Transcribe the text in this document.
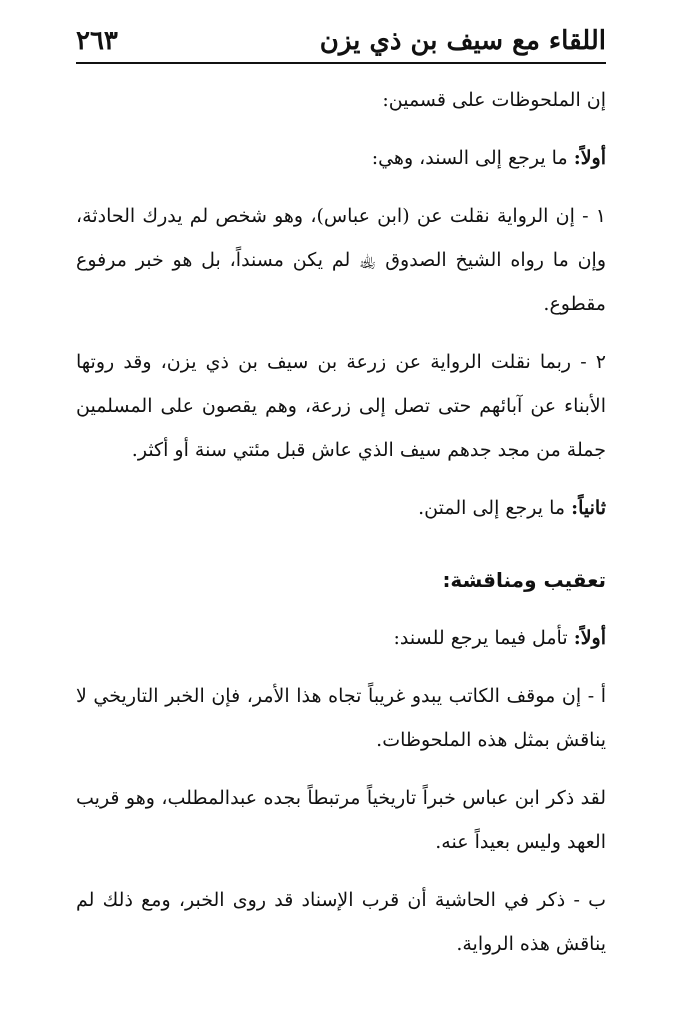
اللقاء مع سيف بن ذي يزن
٢٦٣

إن الملحوظات على قسمين:

أولاً: ما يرجع إلى السند، وهي:

١ - إن الرواية نقلت عن (ابن عباس)، وهو شخص لم يدرك الحادثة، وإن ما رواه الشيخ الصدوق ﵀ لم يكن مسنداً، بل هو خبر مرفوع مقطوع.

٢ - ربما نقلت الرواية عن زرعة بن سيف بن ذي يزن، وقد روتها الأبناء عن آبائهم حتى تصل إلى زرعة، وهم يقصون على المسلمين جملة من مجد جدهم سيف الذي عاش قبل مئتي سنة أو أكثر.

ثانياً: ما يرجع إلى المتن.

تعقيب ومناقشة:

أولاً: تأمل فيما يرجع للسند:

أ - إن موقف الكاتب يبدو غريباً تجاه هذا الأمر، فإن الخبر التاريخي لا يناقش بمثل هذه الملحوظات.

لقد ذكر ابن عباس خبراً تاريخياً مرتبطاً بجده عبدالمطلب، وهو قريب العهد وليس بعيداً عنه.

ب - ذكر في الحاشية أن قرب الإسناد قد روى الخبر، ومع ذلك لم يناقش هذه الرواية.
